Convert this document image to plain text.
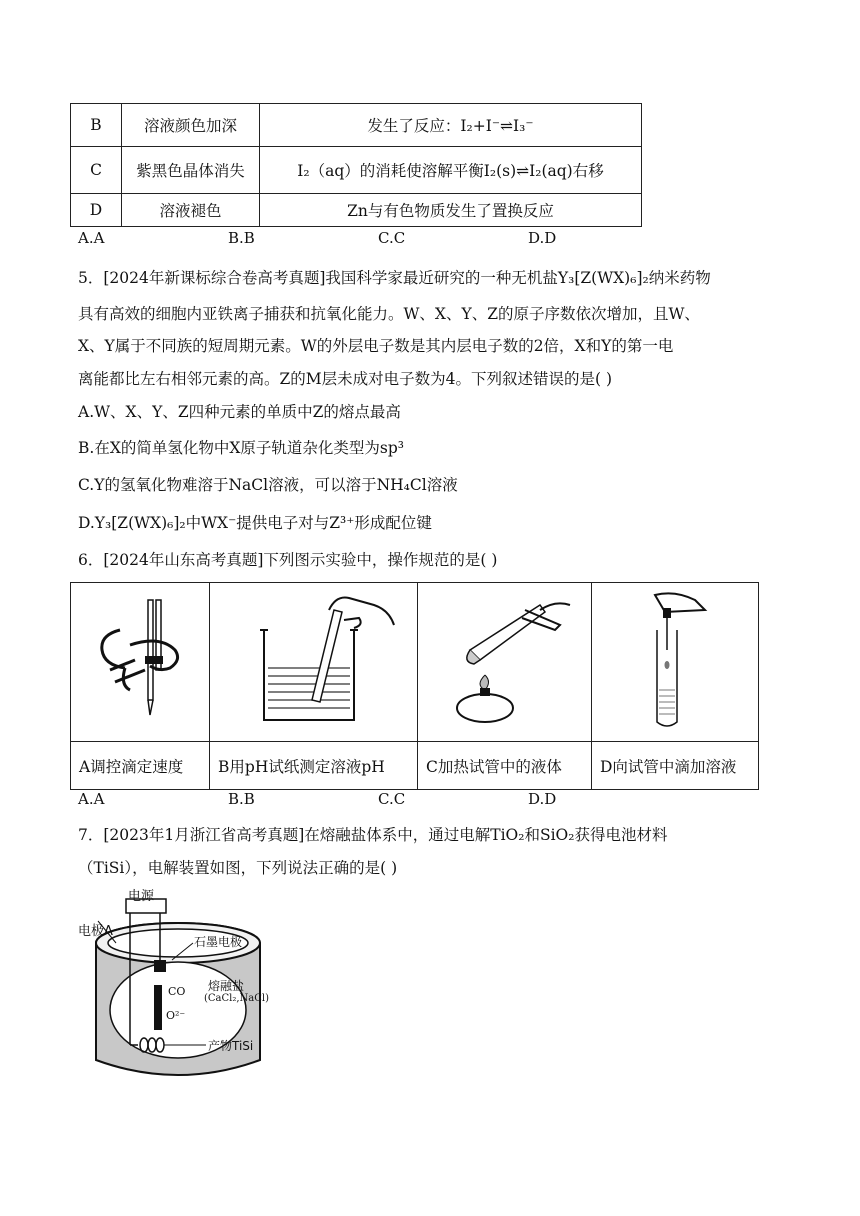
B	溶液颜色加深	发生了反应：I₂+I⁻⇌I₃⁻
C	紫黑色晶体消失	I₂（aq）的消耗使溶解平衡I₂(s)⇌I₂(aq)右移
D	溶液褪色	Zn与有色物质发生了置换反应
A.A	B.B	C.C	D.D
5．[2024年新课标综合卷高考真题]我国科学家最近研究的一种无机盐Y₃[Z(WX)₆]₂纳米药物
具有高效的细胞内亚铁离子捕获和抗氧化能力。W、X、Y、Z的原子序数依次增加，且W、
X、Y属于不同族的短周期元素。W的外层电子数是其内层电子数的2倍，X和Y的第一电
离能都比左右相邻元素的高。Z的M层未成对电子数为4。下列叙述错误的是( )
A.W、X、Y、Z四种元素的单质中Z的熔点最高
B.在X的简单氢化物中X原子轨道杂化类型为sp³
C.Y的氢氧化物难溶于NaCl溶液，可以溶于NH₄Cl溶液
D.Y₃[Z(WX)₆]₂中WX⁻提供电子对与Z³⁺形成配位键
6．[2024年山东高考真题]下列图示实验中，操作规范的是( )

A调控滴定速度	B用pH试纸测定溶液pH	C加热试管中的液体	D向试管中滴加溶液
A.A	B.B	C.C	D.D
7．[2023年1月浙江省高考真题]在熔融盐体系中，通过电解TiO₂和SiO₂获得电池材料
（TiSi），电解装置如图，下列说法正确的是( )
电源
电极A
石墨电极
熔融盐
(CaCl₂,NaCl)
CO
O²⁻
产物TiSi
